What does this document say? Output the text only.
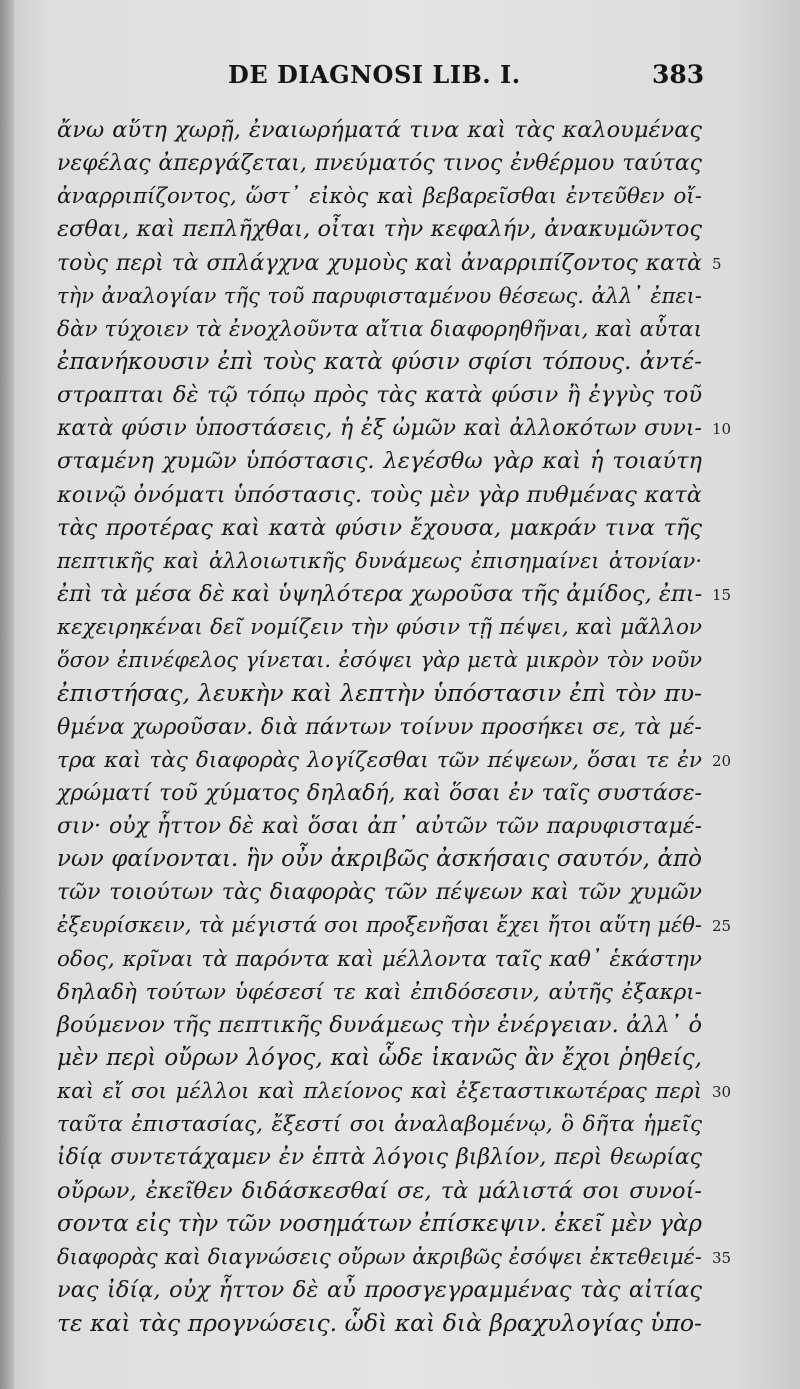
DE DIAGNOSI LIB. I.	383
ἄνω αὕτη χωρῇ, ἐναιωρήματά τινα καὶ τὰς καλουμένας
νεφέλας ἀπεργάζεται, πνεύματός τινος ἐνθέρμου ταύτας
ἀναρριπίζοντος, ὥστ᾽ εἰκὸς καὶ βεβαρεῖσθαι ἐντεῦθεν οἴ-
εσθαι, καὶ πεπλῆχθαι, οἶται τὴν κεφαλήν, ἀνακυμῶντος
τοὺς περὶ τὰ σπλάγχνα χυμοὺς καὶ ἀναρριπίζοντος κατὰ 5
τὴν ἀναλογίαν τῆς τοῦ παρυφισταμένου θέσεως. ἀλλ᾽ ἐπει-
δὰν τύχοιεν τὰ ἐνοχλοῦντα αἴτια διαφορηθῆναι, καὶ αὗται
ἐπανήκουσιν ἐπὶ τοὺς κατὰ φύσιν σφίσι τόπους. ἀντέ-
στραπται δὲ τῷ τόπῳ πρὸς τὰς κατὰ φύσιν ἢ ἐγγὺς τοῦ
κατὰ φύσιν ὑποστάσεις, ἡ ἐξ ὠμῶν καὶ ἀλλοκότων συνι- 10
σταμένη χυμῶν ὑπόστασις. λεγέσθω γὰρ καὶ ἡ τοιαύτη
κοινῷ ὀνόματι ὑπόστασις. τοὺς μὲν γὰρ πυθμένας κατὰ
τὰς προτέρας καὶ κατὰ φύσιν ἔχουσα, μακράν τινα τῆς
πεπτικῆς καὶ ἀλλοιωτικῆς δυνάμεως ἐπισημαίνει ἀτονίαν·
ἐπὶ τὰ μέσα δὲ καὶ ὑψηλότερα χωροῦσα τῆς ἀμίδος, ἐπι- 15
κεχειρηκέναι δεῖ νομίζειν τὴν φύσιν τῇ πέψει, καὶ μᾶλλον
ὅσον ἐπινέφελος γίνεται. ἐσόψει γὰρ μετὰ μικρὸν τὸν νοῦν
ἐπιστήσας, λευκὴν καὶ λεπτὴν ὑπόστασιν ἐπὶ τὸν πυ-
θμένα χωροῦσαν. διὰ πάντων τοίνυν προσήκει σε, τὰ μέ-
τρα καὶ τὰς διαφορὰς λογίζεσθαι τῶν πέψεων, ὅσαι τε ἐν 20
χρώματί τοῦ χύματος δηλαδή, καὶ ὅσαι ἐν ταῖς συστάσε-
σιν· οὐχ ἧττον δὲ καὶ ὅσαι ἀπ᾽ αὐτῶν τῶν παρυφισταμέ-
νων φαίνονται. ἣν οὖν ἀκριβῶς ἀσκήσαις σαυτόν, ἀπὸ
τῶν τοιούτων τὰς διαφορὰς τῶν πέψεων καὶ τῶν χυμῶν
ἐξευρίσκειν, τὰ μέγιστά σοι προξενῆσαι ἔχει ἤτοι αὕτη μέθ- 25
οδος, κρῖναι τὰ παρόντα καὶ μέλλοντα ταῖς καθ᾽ ἑκάστην
δηλαδὴ τούτων ὑφέσεσί τε καὶ ἐπιδόσεσιν, αὐτῆς ἐξακρι-
βούμενον τῆς πεπτικῆς δυνάμεως τὴν ἐνέργειαν. ἀλλ᾽ ὁ
μὲν περὶ οὔρων λόγος, καὶ ὧδε ἱκανῶς ἂν ἔχοι ῥηθείς,
καὶ εἴ σοι μέλλοι καὶ πλείονος καὶ ἐξεταστικωτέρας περὶ 30
ταῦτα ἐπιστασίας, ἔξεστί σοι ἀναλαβομένῳ, ὃ δῆτα ἡμεῖς
ἰδίᾳ συντετάχαμεν ἐν ἑπτὰ λόγοις βιβλίον, περὶ θεωρίας
οὔρων, ἐκεῖθεν διδάσκεσθαί σε, τὰ μάλιστά σοι συνοί-
σοντα εἰς τὴν τῶν νοσημάτων ἐπίσκεψιν. ἐκεῖ μὲν γὰρ
διαφορὰς καὶ διαγνώσεις οὔρων ἀκριβῶς ἐσόψει ἐκτεθειμέ- 35
νας ἰδίᾳ, οὐχ ἧττον δὲ αὖ προσγεγραμμένας τὰς αἰτίας
τε καὶ τὰς προγνώσεις. ὧδὶ καὶ διὰ βραχυλογίας ὑπο-
